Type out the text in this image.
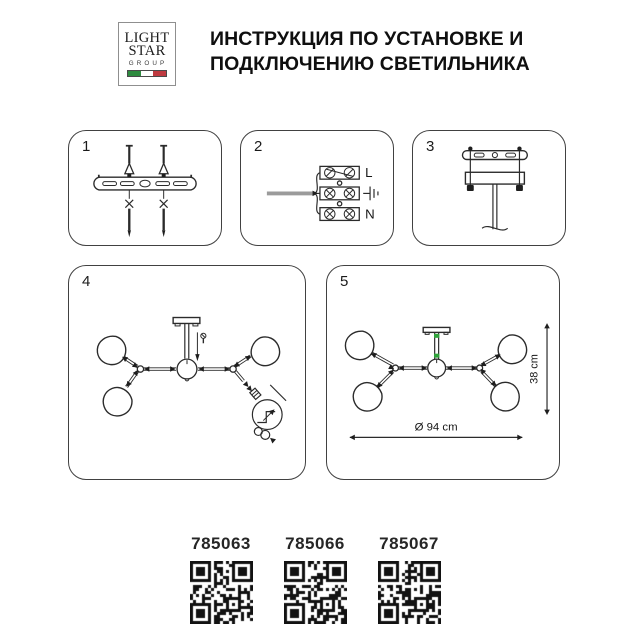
LIGHT
STAR
GROUP
ИНСТРУКЦИЯ ПО УСТАНОВКЕ И
ПОДКЛЮЧЕНИЮ СВЕТИЛЬНИКА
1	2
L
N
3
4	5
38 cm
Ø 94 cm
785063 785066 785067
